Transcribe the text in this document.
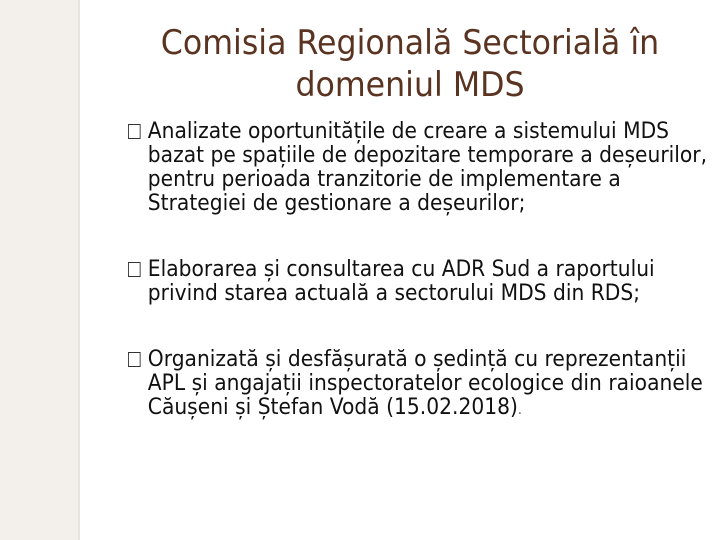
Comisia Regională Sectorială în
domeniul MDS
Analizate oportunitățile de creare a sistemului MDS bazat pe spațiile de depozitare temporare a deșeurilor, pentru perioada tranzitorie de implementare a Strategiei de gestionare a deșeurilor;
Elaborarea și consultarea cu ADR Sud a raportului privind starea actuală a sectorului MDS din RDS;
Organizată și desfășurată o ședință cu reprezentanții APL și angajații inspectoratelor ecologice din raioanele Căușeni și Ștefan Vodă (15.02.2018).
